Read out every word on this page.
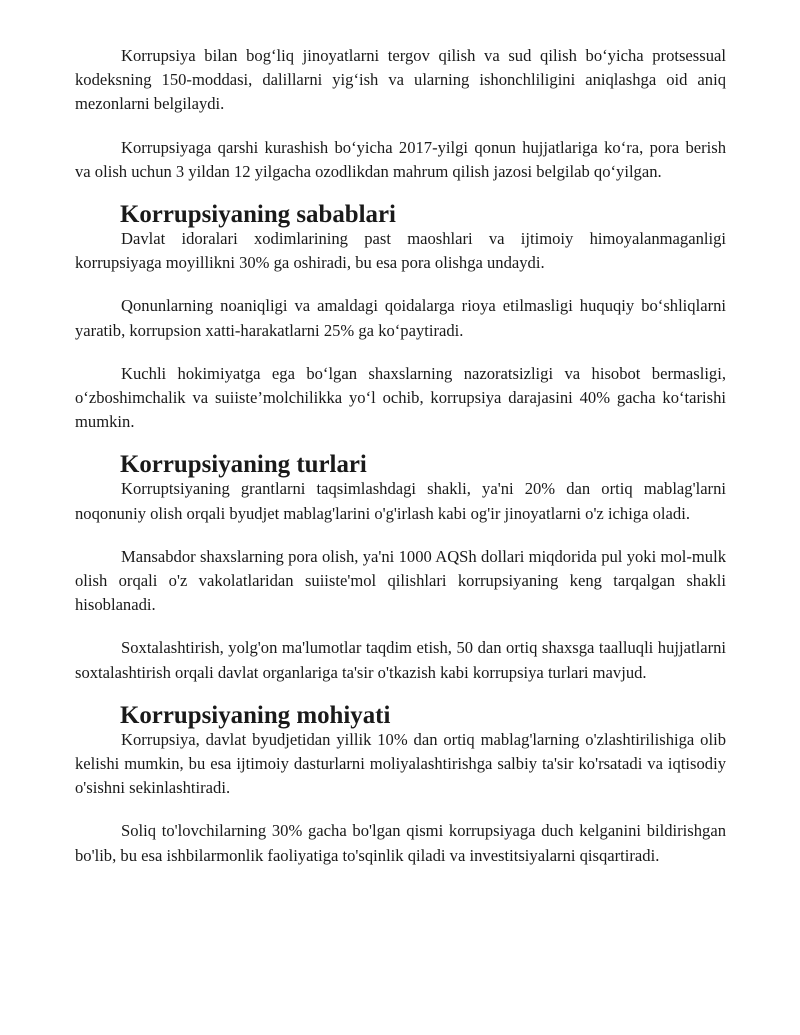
Korrupsiya bilan bog‘liq jinoyatlarni tergov qilish va sud qilish bo‘yicha protsessual kodeksning 150-moddasi, dalillarni yig‘ish va ularning ishonchliligini aniqlashga oid aniq mezonlarni belgilaydi.

Korrupsiyaga qarshi kurashish bo‘yicha 2017-yilgi qonun hujjatlariga ko‘ra, pora berish va olish uchun 3 yildan 12 yilgacha ozodlikdan mahrum qilish jazosi belgilab qo‘yilgan.

Korrupsiyaning sabablari

Davlat idoralari xodimlarining past maoshlari va ijtimoiy himoyalanmaganligi korrupsiyaga moyillikni 30% ga oshiradi, bu esa pora olishga undaydi.

Qonunlarning noaniqligi va amaldagi qoidalarga rioya etilmasligi huquqiy bo‘shliqlarni yaratib, korrupsion xatti-harakatlarni 25% ga ko‘paytiradi.

Kuchli hokimiyatga ega bo‘lgan shaxslarning nazoratsizligi va hisobot bermasligi, o‘zboshimchalik va suiiste’molchilikka yo‘l ochib, korrupsiya darajasini 40% gacha ko‘tarishi mumkin.

Korrupsiyaning turlari

Korruptsiyaning grantlarni taqsimlashdagi shakli, ya'ni 20% dan ortiq mablag'larni noqonuniy olish orqali byudjet mablag'larini o'g'irlash kabi og'ir jinoyatlarni o'z ichiga oladi.

Mansabdor shaxslarning pora olish, ya'ni 1000 AQSh dollari miqdorida pul yoki mol-mulk olish orqali o'z vakolatlaridan suiiste'mol qilishlari korrupsiyaning keng tarqalgan shakli hisoblanadi.

Soxtalashtirish, yolg'on ma'lumotlar taqdim etish, 50 dan ortiq shaxsga taalluqli hujjatlarni soxtalashtirish orqali davlat organlariga ta'sir o'tkazish kabi korrupsiya turlari mavjud.

Korrupsiyaning mohiyati

Korrupsiya, davlat byudjetidan yillik 10% dan ortiq mablag'larning o'zlashtirilishiga olib kelishi mumkin, bu esa ijtimoiy dasturlarni moliyalashtirishga salbiy ta'sir ko'rsatadi va iqtisodiy o'sishni sekinlashtiradi.

Soliq to'lovchilarning 30% gacha bo'lgan qismi korrupsiyaga duch kelganini bildirishgan bo'lib, bu esa ishbilarmonlik faoliyatiga to'sqinlik qiladi va investitsiyalarni qisqartiradi.
